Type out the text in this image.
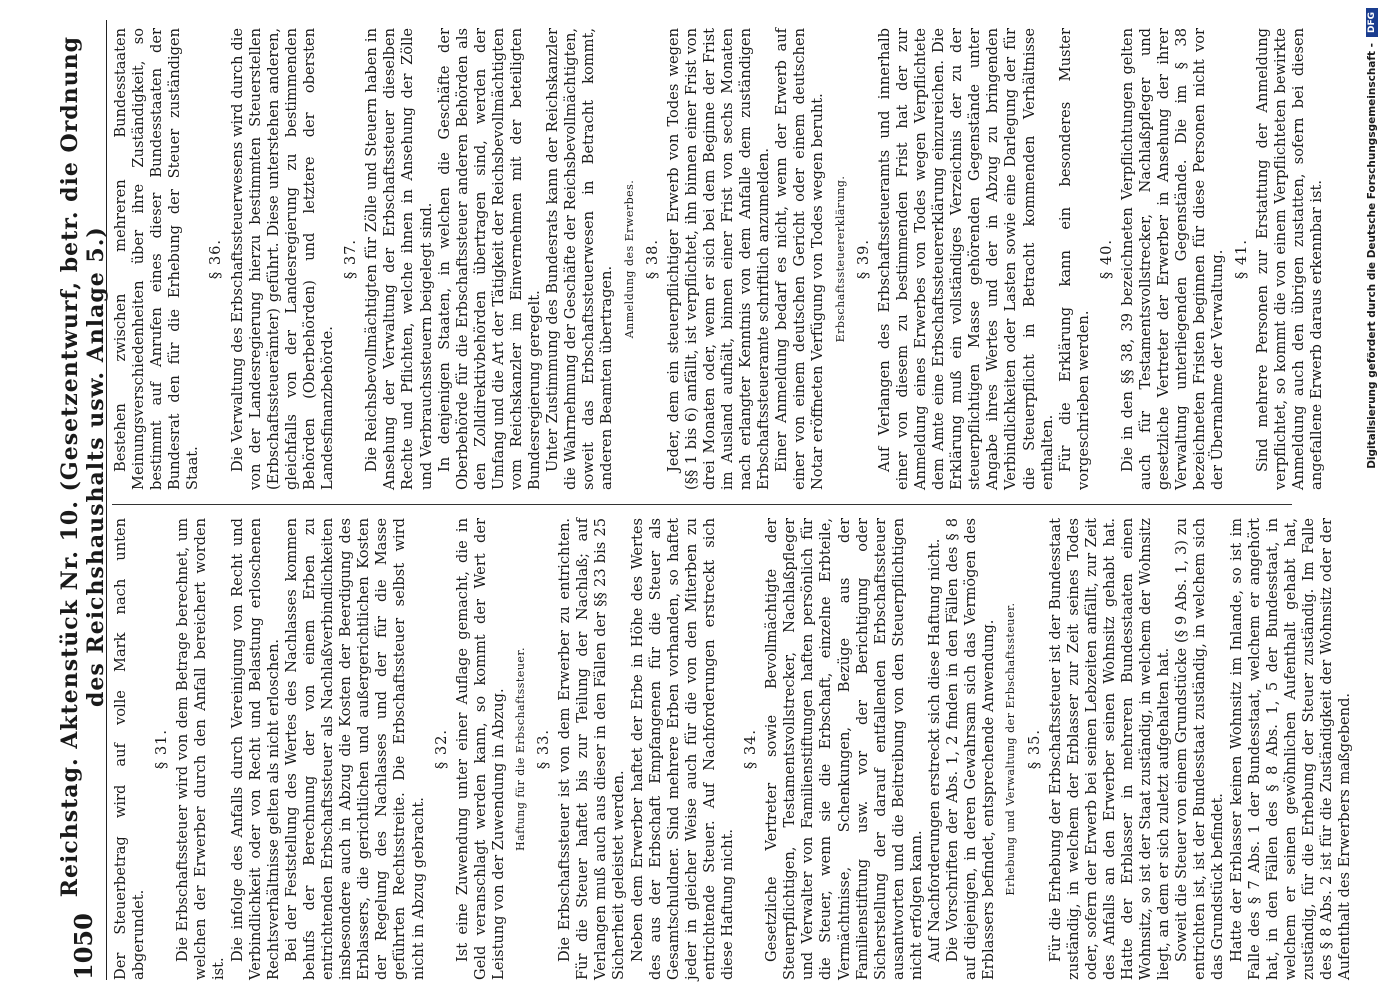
1050
Reichstag. Aktenstück Nr. 10. (Gesetzentwurf, betr. die Ordnung des Reichshaushalts usw. Anlage 5.)

Der Steuerbetrag wird auf volle Mark nach unten abgerundet.

§ 31. Die Erbschaftssteuer wird von dem Betrage berechnet, um welchen der Erwerber durch den Anfall bereichert worden ist.

Die infolge des Anfalls durch Vereinigung von Recht und Verbindlichkeit oder von Recht und Belastung erloschenen Rechtsverhältnisse gelten als nicht erloschen. Bei der Feststellung des Wertes des Nachlasses kommen behufs der Berechnung der von einem Erben zu entrichtenden Erbschaftssteuer als Nachlaßverbindlichkeiten insbesondere auch in Abzug die Kosten der Beerdigung des Erblassers, die gerichtlichen und außergerichtlichen Kosten der Regelung des Nachlasses und der für die Masse geführten Rechtsstreite. Die Erbschaftssteuer selbst wird nicht in Abzug gebracht.

§ 32. Ist eine Zuwendung unter einer Auflage gemacht, die in Geld veranschlagt werden kann, so kommt der Wert der Leistung von der Zuwendung in Abzug. Haftung für die Erbschaftssteuer. § 33. Die Erbschaftssteuer ist von dem Erwerber zu entrichten. Für die Steuer haftet bis zur Teilung der Nachlaß; auf Verlangen muß auch aus dieser in den Fällen der §§ 23 bis 25 Sicherheit geleistet werden. Neben dem Erwerber haftet der Erbe in Höhe des Wertes des aus der Erbschaft Empfangenen für die Steuer als Gesamtschuldner. Sind mehrere Erben vorhanden, so haftet jeder in gleicher Weise auch für die von den Miterben zu entrichtende Steuer. Auf Nachforderungen erstreckt sich diese Haftung nicht.

§ 34. Gesetzliche Vertreter sowie Bevollmächtigte der Steuerpflichtigen, Testamentsvollstrecker, Nachlaßpfleger und Verwalter von Familienstiftungen haften persönlich für die Steuer, wenn sie die Erbschaft, einzelne Erbteile, Vermächtnisse, Schenkungen, Bezüge aus der Familienstiftung usw. vor der Berichtigung oder Sicherstellung der darauf entfallenden Erbschaftssteuer ausantworten und die Beitreibung von den Steuerpflichtigen nicht erfolgen kann. Auf Nachforderungen erstreckt sich diese Haftung nicht. Die Vorschriften der Abs. 1, 2 finden in den Fällen des § 8 auf diejenigen, in deren Gewahrsam sich das Vermögen des Erblassers befindet, entsprechende Anwendung. Erhebung und Verwaltung der Erbschaftssteuer. § 35. Für die Erhebung der Erbschaftssteuer ist der Bundesstaat zuständig, in welchem der Erblasser zur Zeit seines Todes oder, sofern der Erwerb bei seinen Lebzeiten anfällt, zur Zeit des Anfalls an den Erwerber seinen Wohnsitz gehabt hat. Hatte der Erblasser in mehreren Bundesstaaten einen Wohnsitz, so ist der Staat zuständig, in welchem der Wohnsitz liegt, an dem er sich zuletzt aufgehalten hat. Soweit die Steuer von einem Grundstücke (§ 9 Abs. 1, 3) zu entrichten ist, ist der Bundesstaat zuständig, in welchem sich das Grundstück befindet. Hatte der Erblasser keinen Wohnsitz im Inlande, so ist im Falle des § 7 Abs. 1 der Bundesstaat, welchem er angehört hat, in den Fällen des § 8 Abs. 1, 5 der Bundesstaat, in welchem er seinen gewöhnlichen Aufenthalt gehabt hat, zuständig, für die Erhebung der Steuer zuständig. Im Falle des § 8 Abs. 2 ist für die Zuständigkeit der Wohnsitz oder der Aufenthalt des Erwerbers maßgebend.

Bestehen zwischen mehreren Bundesstaaten Meinungsverschiedenheiten über ihre Zuständigkeit, so bestimmt auf Anrufen eines dieser Bundesstaaten der Bundesrat den für die Erhebung der Steuer zuständigen Staat.

§ 36. Die Verwaltung des Erbschaftssteuerwesens wird durch die von der Landesregierung hierzu bestimmten Steuerstellen (Erbschaftssteuerämter) geführt. Diese unterstehen anderen, gleichfalls von der Landesregierung zu bestimmenden Behörden (Oberbehörden) und letztere der obersten Landesfinanzbehörde.

§ 37. Die Reichsbevollmächtigten für Zölle und Steuern haben in Ansehung der Verwaltung der Erbschaftssteuer dieselben Rechte und Pflichten, welche ihnen in Ansehung der Zölle und Verbrauchssteuern beigelegt sind. In denjenigen Staaten, in welchen die Geschäfte der Oberbehörde für die Erbschaftssteuer anderen Behörden als den Zolldirektivbehörden übertragen sind, werden der Umfang und die Art der Tätigkeit der Reichsbevollmächtigten vom Reichskanzler im Einvernehmen mit der beteiligten Bundesregierung geregelt. Unter Zustimmung des Bundesrats kann der Reichskanzler die Wahrnehmung der Geschäfte der Reichsbevollmächtigten, soweit das Erbschaftssteuerwesen in Betracht kommt, anderen Beamten übertragen.

Anmeldung des Erwerbes. § 38. Jeder, dem ein steuerpflichtiger Erwerb von Todes wegen (§§ 1 bis 6) anfällt, ist verpflichtet, ihn binnen einer Frist von drei Monaten oder, wenn er sich bei dem Beginne der Frist im Ausland aufhält, binnen einer Frist von sechs Monaten nach erlangter Kenntnis von dem Anfalle dem zuständigen Erbschaftssteueramte schriftlich anzumelden. Einer Anmeldung bedarf es nicht, wenn der Erwerb auf einer von einem deutschen Gericht oder einem deutschen Notar eröffneten Verfügung von Todes wegen beruht. Erbschaftssteuererklärung. § 39. Auf Verlangen des Erbschaftssteueramts und innerhalb einer von diesem zu bestimmenden Frist hat der zur Anmeldung eines Erwerbes von Todes wegen Verpflichtete dem Amte eine Erbschaftssteuererklärung einzureichen. Die Erklärung muß ein vollständiges Verzeichnis der zu der steuerpflichtigen Masse gehörenden Gegenstände unter Angabe ihres Wertes und der in Abzug zu bringenden Verbindlichkeiten oder Lasten sowie eine Darlegung der für die Steuerpflicht in Betracht kommenden Verhältnisse enthalten. Für die Erklärung kann ein besonderes Muster vorgeschrieben werden.

§ 40. Die in den §§ 38, 39 bezeichneten Verpflichtungen gelten auch für Testamentsvollstrecker, Nachlaßpfleger und gesetzliche Vertreter der Erwerber in Ansehung der ihrer Verwaltung unterliegenden Gegenstände. Die im § 38 bezeichneten Fristen beginnen für diese Personen nicht vor der Übernahme der Verwaltung. § 41. Sind mehrere Personen zur Erstattung der Anmeldung verpflichtet, so kommt die von einem Verpflichteten bewirkte Anmeldung auch den übrigen zustatten, sofern bei diesen angefallene Erwerb daraus erkennbar ist.	Digitalisierung gefördert durch die Deutsche Forschungsgemeinschaft -
DFG
